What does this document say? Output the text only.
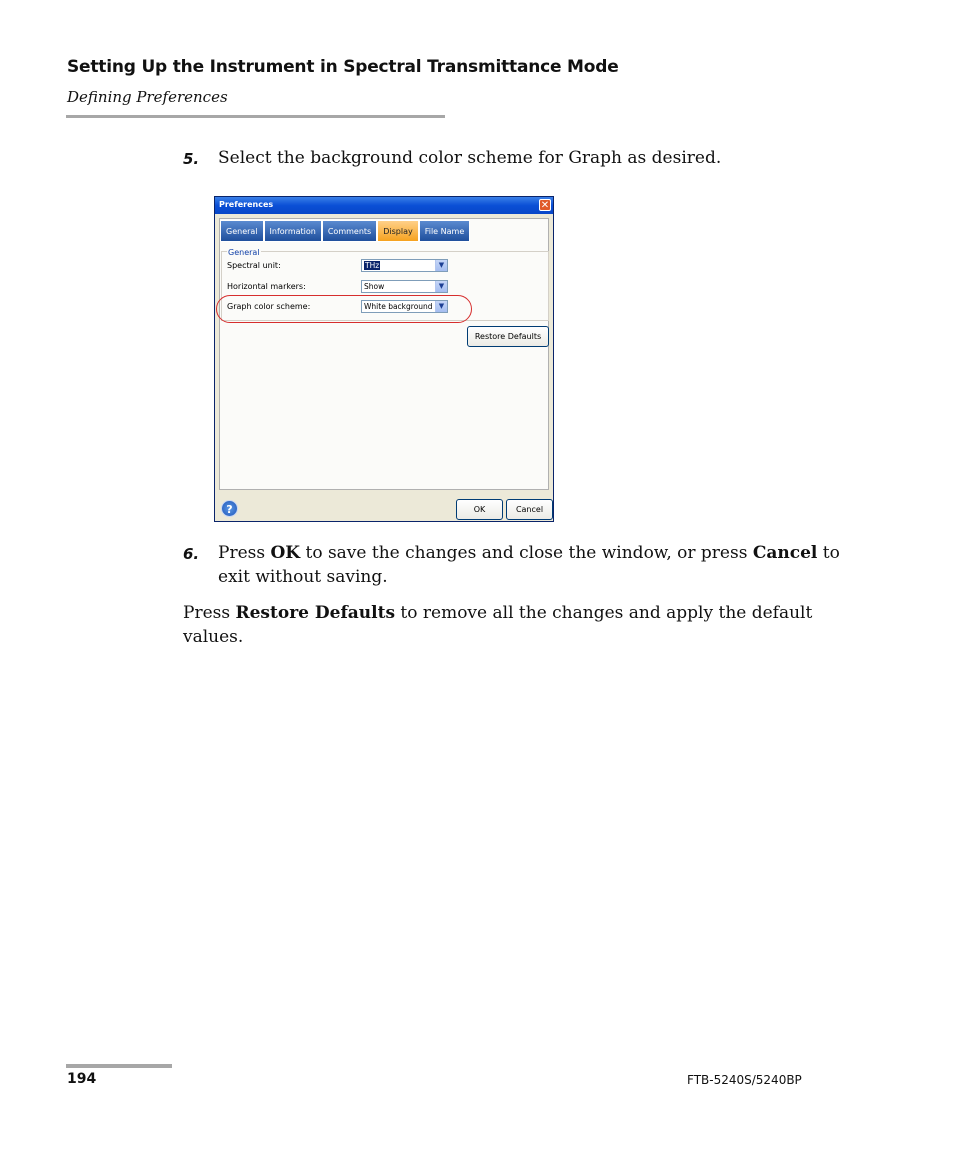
Setting Up the Instrument in Spectral Transmittance Mode
Defining Preferences
5. Select the background color scheme for Graph as desired.
Preferences	✕
General	Information	Comments	Display	File Name
General
Spectral unit:	THz	▼
Horizontal markers:	Show	▼
Graph color scheme:	White background ▼
Restore Defaults
?	OK	Cancel
6. Press OK to save the changes and close the window, or press Cancel to
exit without saving.
Press Restore Defaults to remove all the changes and apply the default
values.
194	FTB-5240S/5240BP
